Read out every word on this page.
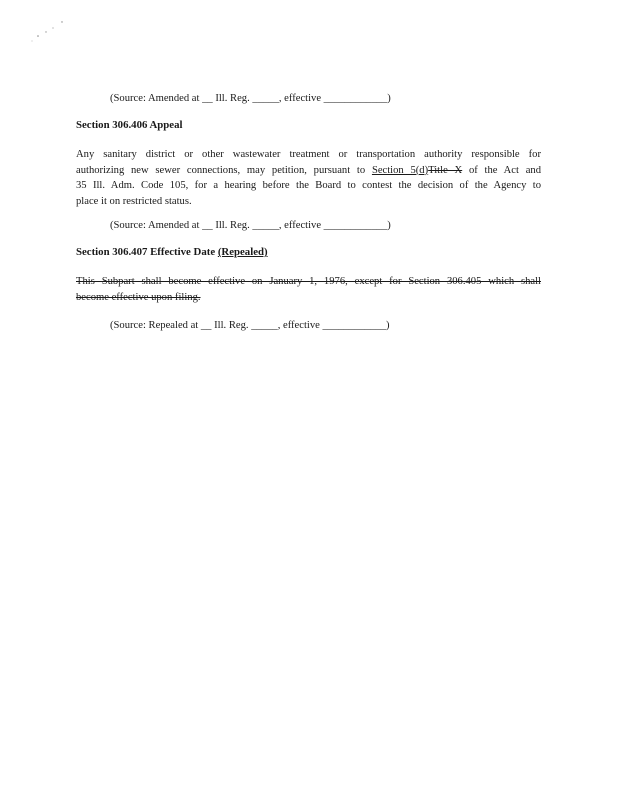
(Source: Amended at __ Ill. Reg. _____, effective ____________)
Section 306.406 Appeal
Any sanitary district or other wastewater treatment or transportation authority responsible for
authorizing new sewer connections, may petition, pursuant to Section 5(d)Title X of the Act and
35 Ill. Adm. Code 105, for a hearing before the Board to contest the decision of the Agency to
place it on restricted status.
(Source: Amended at __ Ill. Reg. _____, effective ____________)
Section 306.407 Effective Date (Repealed)
This Subpart shall become effective on January 1, 1976, except for Section 306.405 which shall
become effective upon filing.
(Source: Repealed at __ Ill. Reg. _____, effective ____________)
